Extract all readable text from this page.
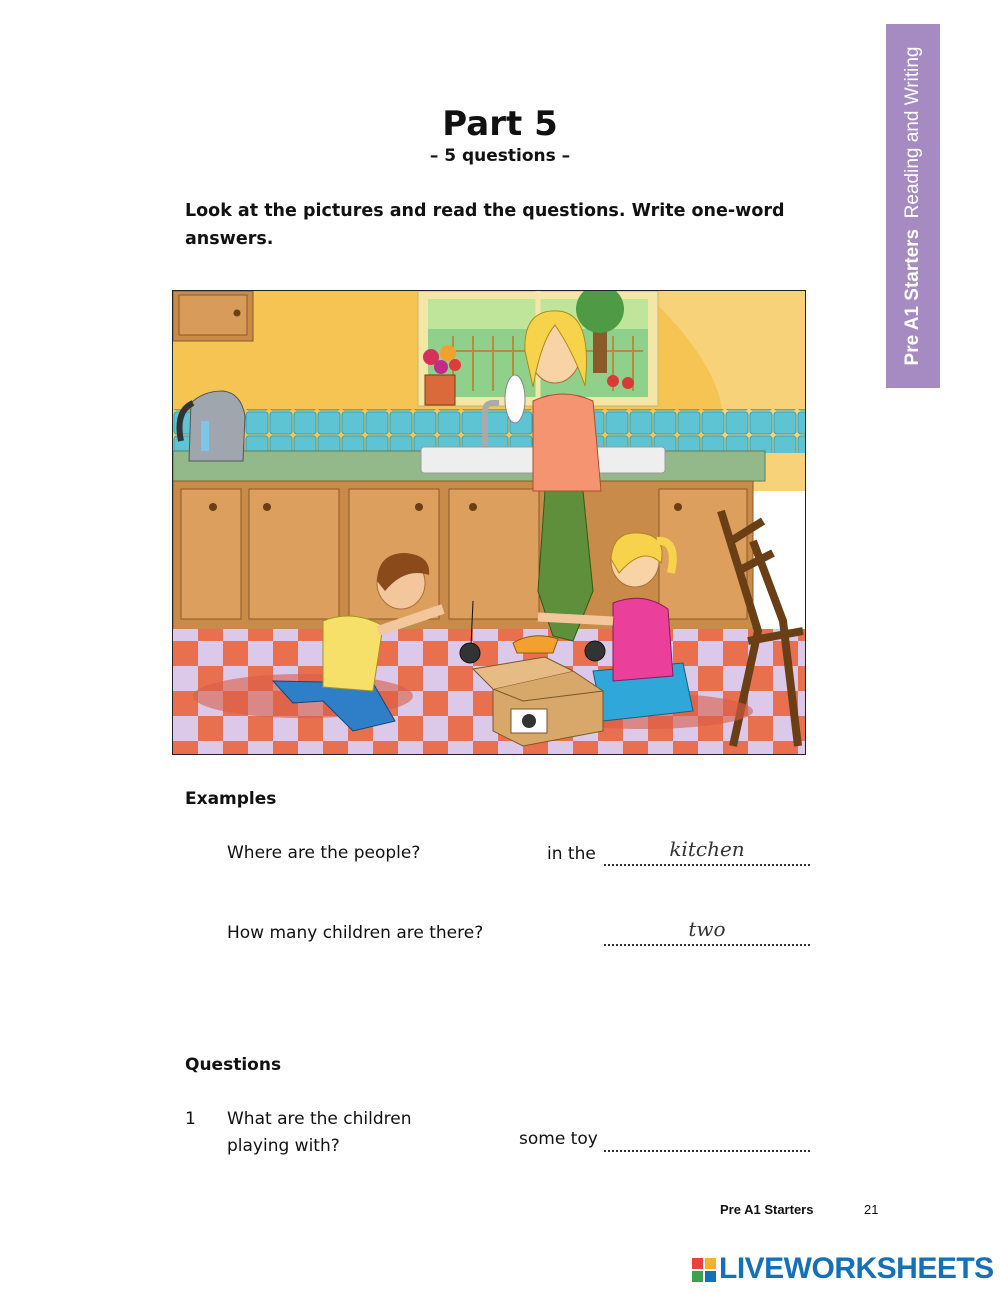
Pre A1 Starters  Reading and Writing
Part 5
– 5 questions –
Look at the pictures and read the questions. Write one-word answers.
Examples
Where are the people?	in the	kitchen
How many children are there?	two
Questions
1 What are the children
playing with?	some toy
Pre A1 Starters	21
LIVEWORKSHEETS
